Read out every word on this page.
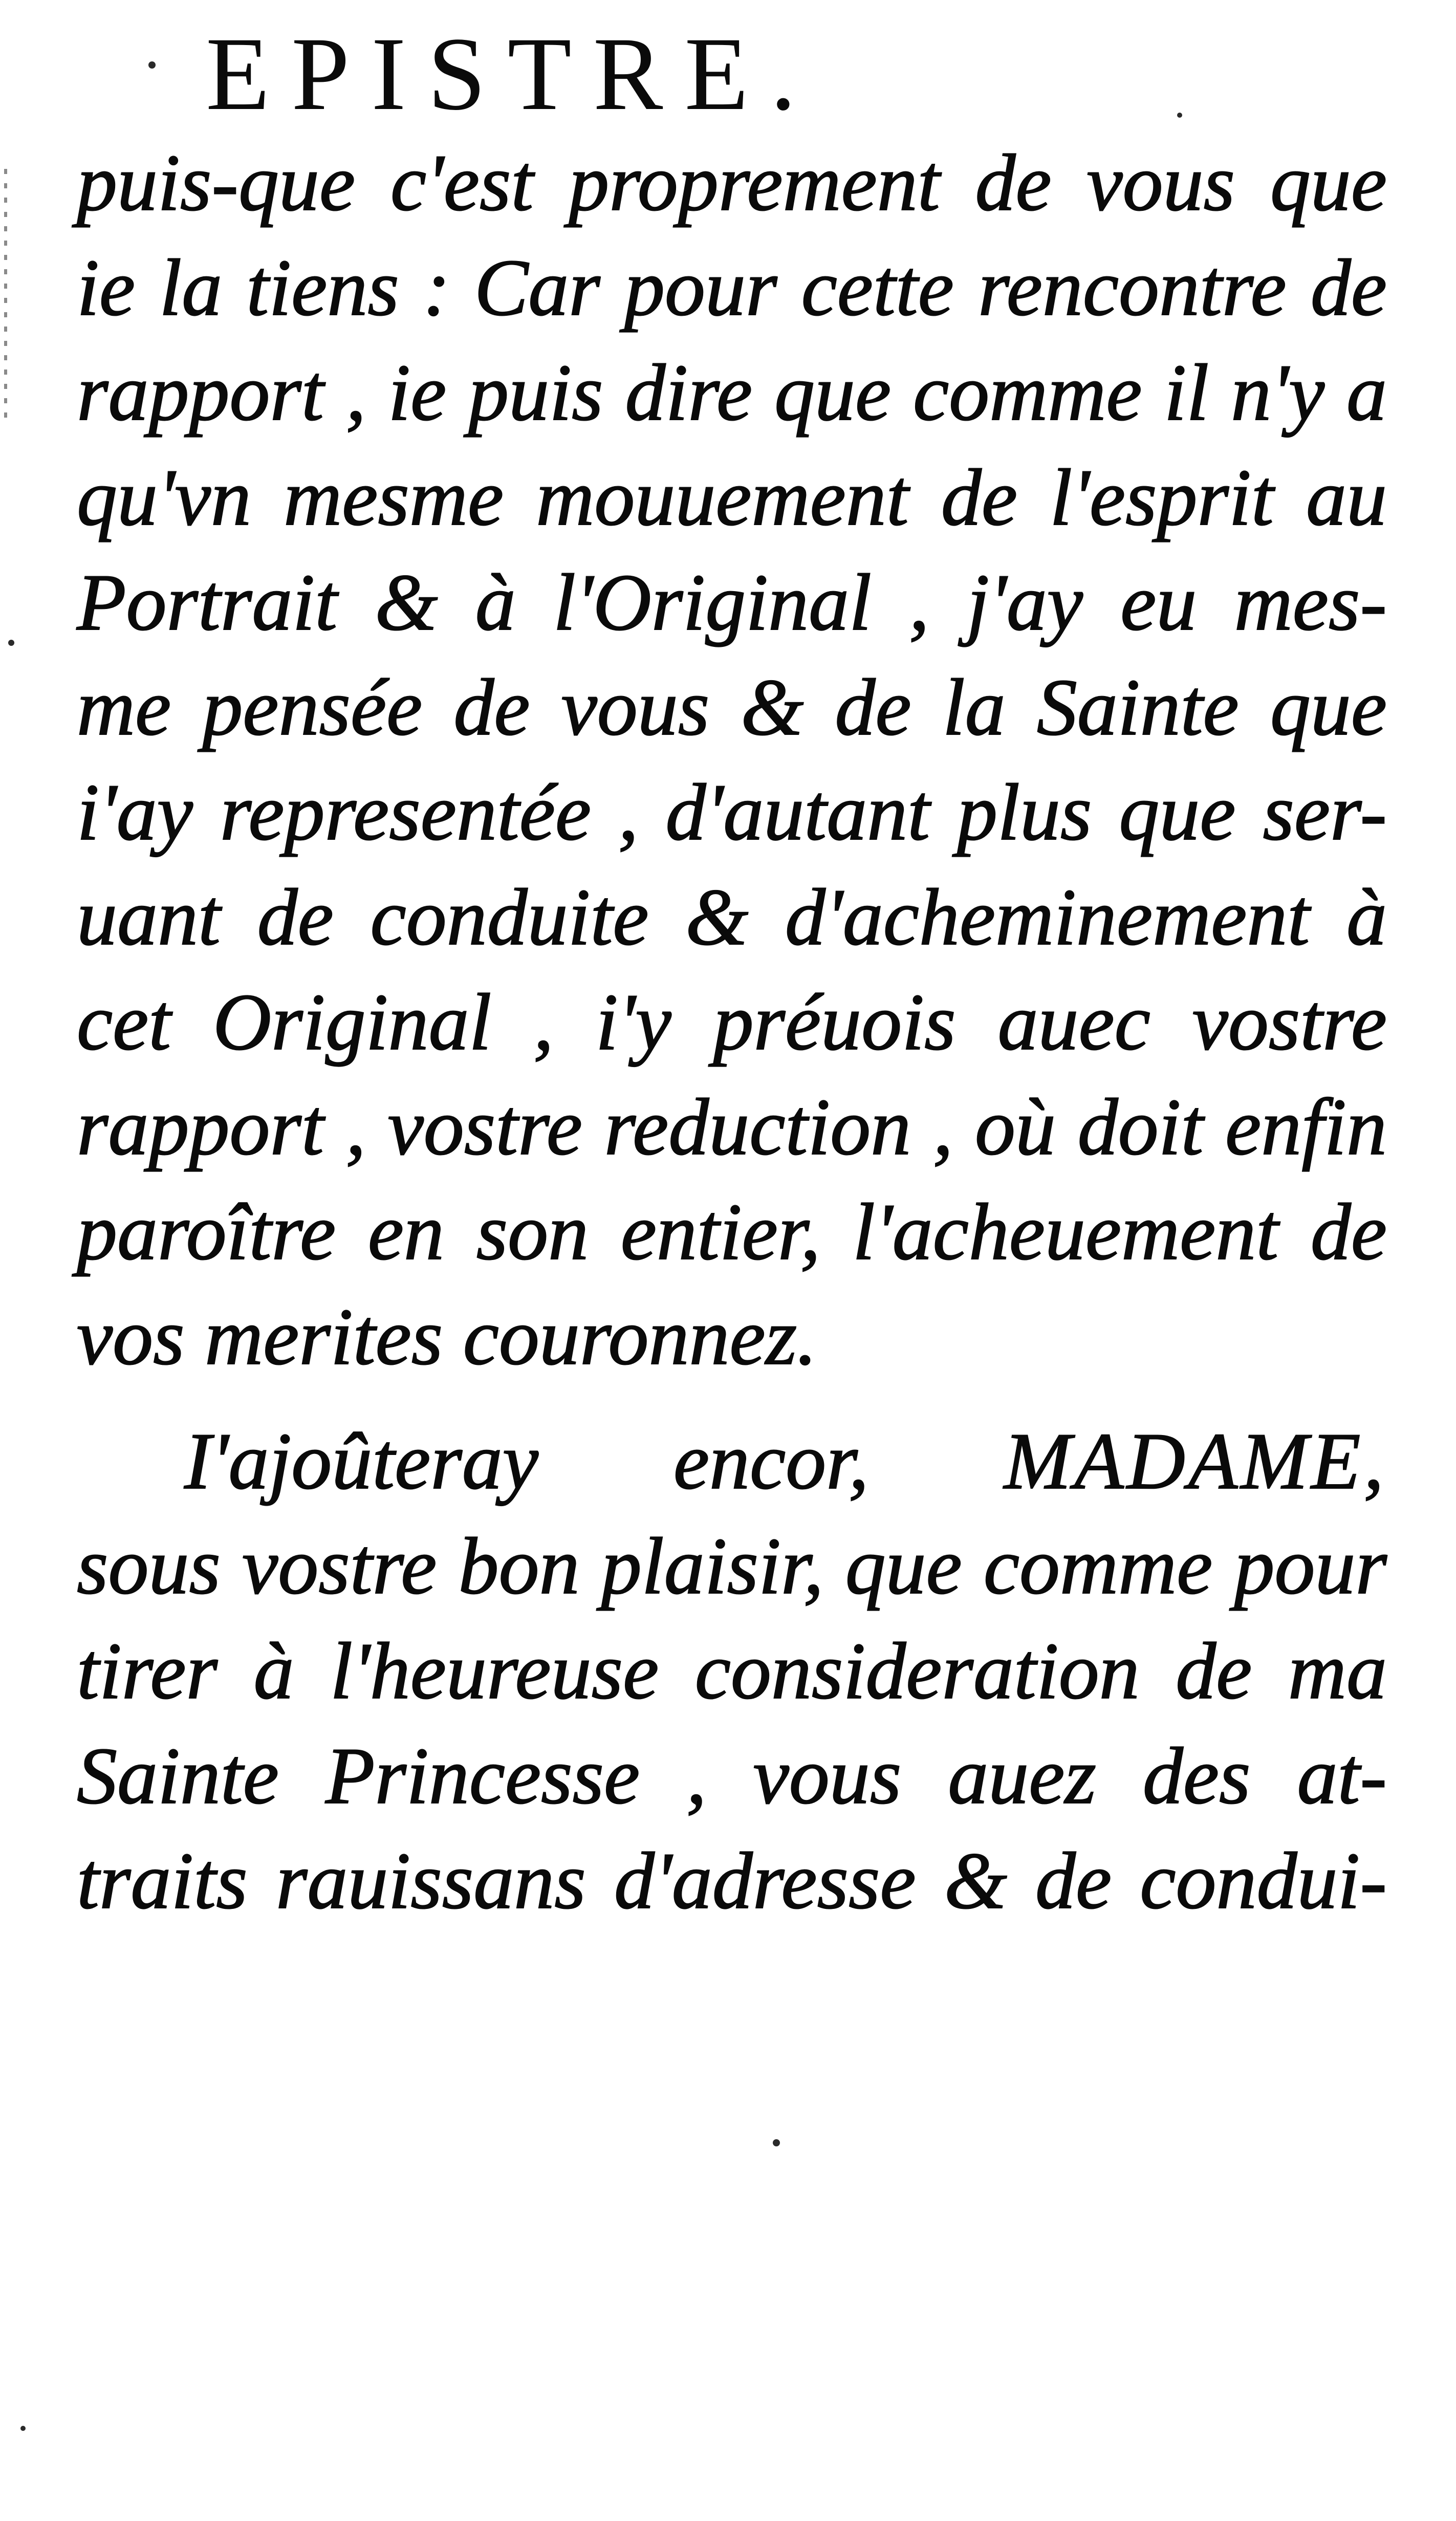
EPISTRE.
puis-que c'est proprement de vous que
ie la tiens : Car pour cette rencontre de
rapport , ie puis dire que comme il n'y a
qu'vn mesme mouuement de l'esprit au
Portrait & à l'Original , j'ay eu mes-
me pensée de vous & de la Sainte que
i'ay representée , d'autant plus que ser-
uant de conduite & d'acheminement à
cet Original , i'y préuois auec vostre
rapport , vostre reduction , où doit enfin
paroître en son entier, l'acheuement de
vos merites couronnez.
I'ajoûteray encor, MADAME,
sous vostre bon plaisir, que comme pour
tirer à l'heureuse consideration de ma
Sainte Princesse , vous auez des at-
traits rauissans d'adresse & de condui-
